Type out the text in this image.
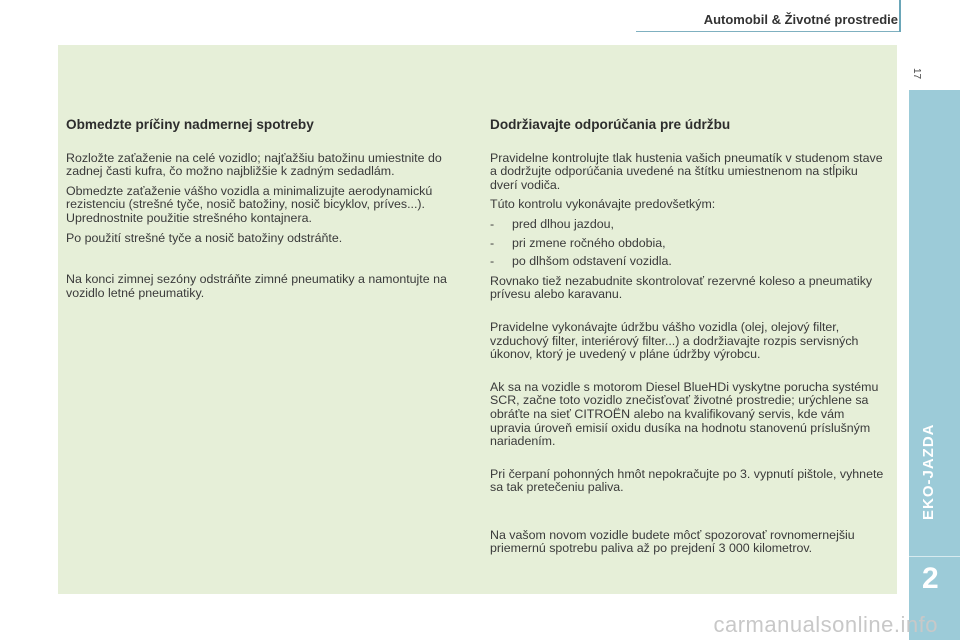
Automobil & Životné prostredie
17
Obmedzte príčiny nadmernej spotreby

Rozložte zaťaženie na celé vozidlo; najťažšiu batožinu umiestnite do zadnej časti kufra, čo možno najbližšie k zadným sedadlám.

Obmedzte zaťaženie vášho vozidla a minimalizujte aerodynamickú rezistenciu (strešné tyče, nosič batožiny, nosič bicyklov, príves...). Uprednostnite použitie strešného kontajnera.

Po použití strešné tyče a nosič batožiny odstráňte.

Na konci zimnej sezóny odstráňte zimné pneumatiky a namontujte na vozidlo letné pneumatiky.

Dodržiavajte odporúčania pre údržbu

Pravidelne kontrolujte tlak hustenia vašich pneumatík v studenom stave a dodržujte odporúčania uvedené na štítku umiestnenom na stĺpiku dverí vodiča.

Túto kontrolu vykonávajte predovšetkým:

- pred dlhou jazdou,
- pri zmene ročného obdobia,
- po dlhšom odstavení vozidla.

Rovnako tiež nezabudnite skontrolovať rezervné koleso a pneumatiky prívesu alebo karavanu.

Pravidelne vykonávajte údržbu vášho vozidla (olej, olejový filter, vzduchový filter, interiérový filter...) a dodržiavajte rozpis servisných úkonov, ktorý je uvedený v pláne údržby výrobcu.

Ak sa na vozidle s motorom Diesel BlueHDi vyskytne porucha systému SCR, začne toto vozidlo znečisťovať životné prostredie; urýchlene sa obráťte na sieť CITROËN alebo na kvalifikovaný servis, kde vám upravia úroveň emisií oxidu dusíka na hodnotu stanovenú príslušným nariadením.

Pri čerpaní pohonných hmôt nepokračujte po 3. vypnutí pištole, vyhnete sa tak pretečeniu paliva.

Na vašom novom vozidle budete môcť spozorovať rovnomernejšiu priemernú spotrebu paliva až po prejdení 3 000 kilometrov.

EKO-JAZDA
2
carmanualsonline.info
